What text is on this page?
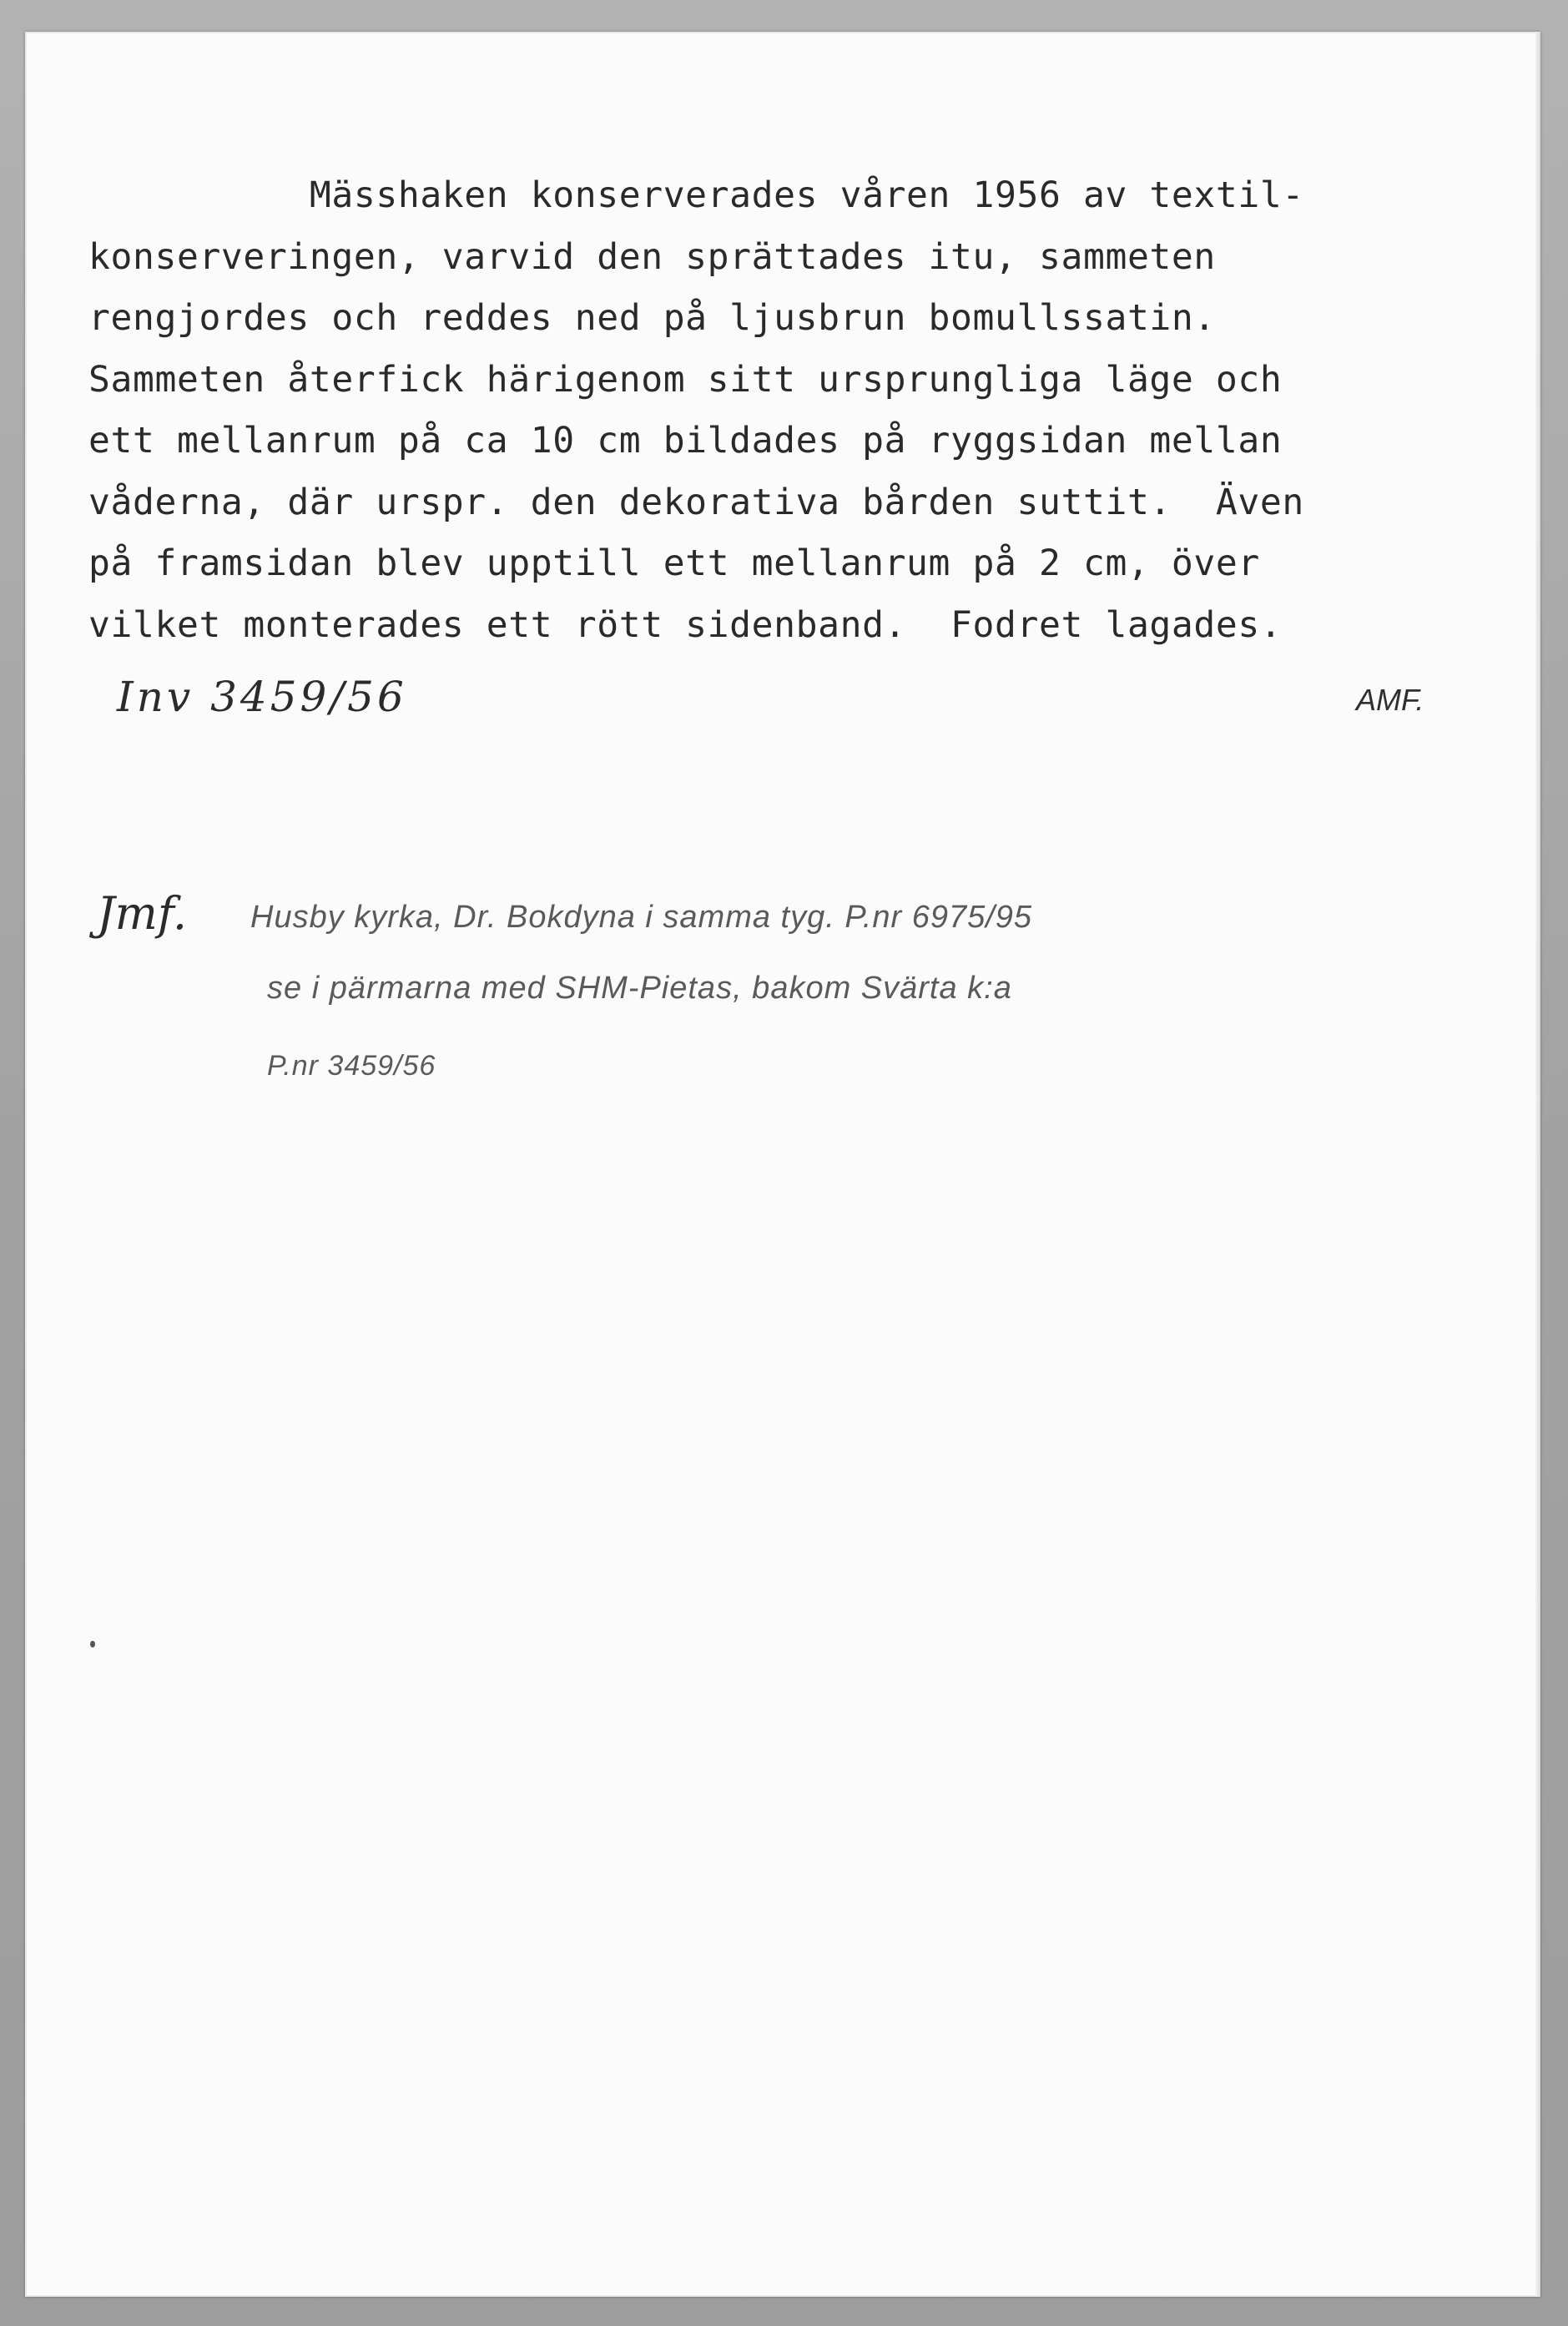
Mässhaken konserverades våren 1956 av textil-
konserveringen, varvid den sprättades itu, sammeten
rengjordes och reddes ned på ljusbrun bomullssatin.
Sammeten återfick härigenom sitt ursprungliga läge och
ett mellanrum på ca 10 cm bildades på ryggsidan mellan
våderna, där urspr. den dekorativa bården suttit.  Även
på framsidan blev upptill ett mellanrum på 2 cm, över
vilket monterades ett rött sidenband.  Fodret lagades.
Inv 3459/56	AMF.
Jmf. Husby kyrka, Dr. Bokdyna i samma tyg. P.nr 6975/95
se i pärmarna med SHM-Pietas, bakom Svärta k:a
P.nr 3459/56
